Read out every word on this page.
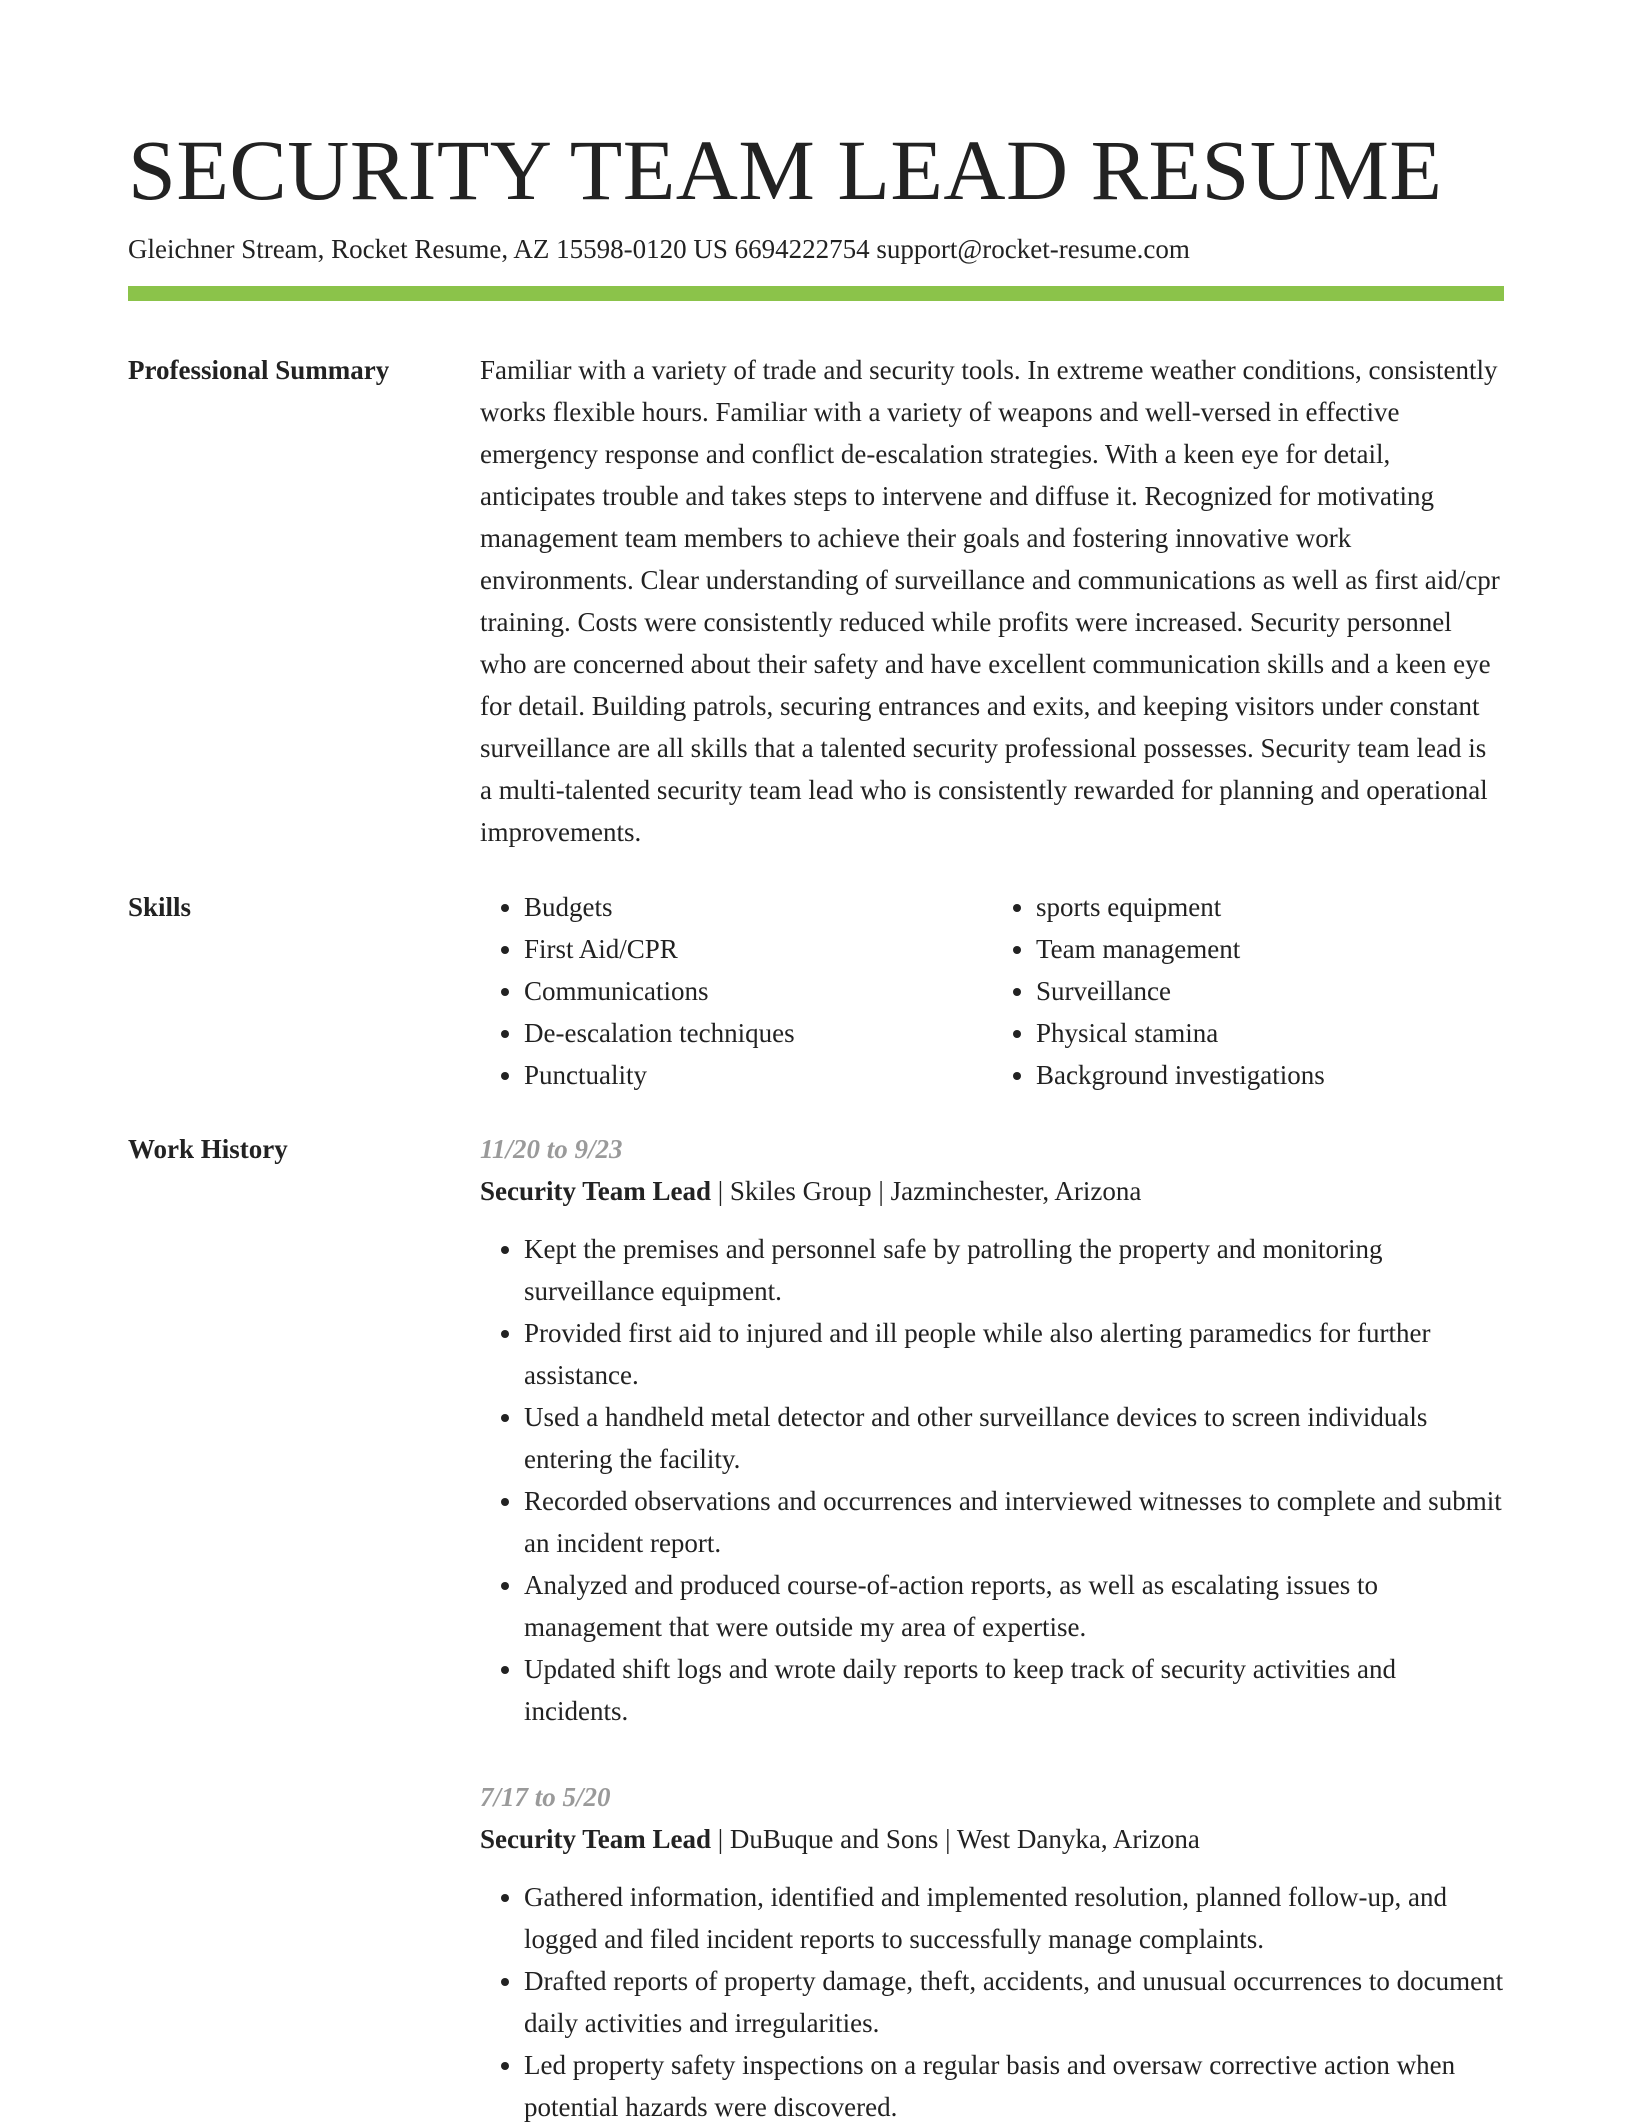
SECURITY TEAM LEAD RESUME
Gleichner Stream, Rocket Resume, AZ 15598-0120 US 6694222754 support@rocket-resume.com
Professional Summary	Familiar with a variety of trade and security tools. In extreme weather conditions, consistently works flexible hours. Familiar with a variety of weapons and well-versed in effective emergency response and conflict de-escalation strategies. With a keen eye for detail, anticipates trouble and takes steps to intervene and diffuse it. Recognized for motivating management team members to achieve their goals and fostering innovative work environments. Clear understanding of surveillance and communications as well as first aid/cpr training. Costs were consistently reduced while profits were increased. Security personnel who are concerned about their safety and have excellent communication skills and a keen eye for detail. Building patrols, securing entrances and exits, and keeping visitors under constant surveillance are all skills that a talented security professional possesses. Security team lead is a multi-talented security team lead who is consistently rewarded for planning and operational improvements.

Skills
•	Budgets
• First Aid/CPR
• Communications
• De-escalation techniques
• Punctuality
• sports equipment
• Team management
• Surveillance
• Physical stamina
• Background investigations
Work History	11/20 to 9/23
Security Team Lead | Skiles Group | Jazminchester, Arizona
• Kept the premises and personnel safe by patrolling the property and monitoring surveillance equipment.
• Provided first aid to injured and ill people while also alerting paramedics for further assistance.
• Used a handheld metal detector and other surveillance devices to screen individuals entering the facility.
• Recorded observations and occurrences and interviewed witnesses to complete and submit an incident report.
• Analyzed and produced course-of-action reports, as well as escalating issues to management that were outside my area of expertise.
• Updated shift logs and wrote daily reports to keep track of security activities and incidents.
7/17 to 5/20
Security Team Lead | DuBuque and Sons | West Danyka, Arizona
• Gathered information, identified and implemented resolution, planned follow-up, and logged and filed incident reports to successfully manage complaints.
• Drafted reports of property damage, theft, accidents, and unusual occurrences to document daily activities and irregularities.
• Led property safety inspections on a regular basis and oversaw corrective action when potential hazards were discovered.
